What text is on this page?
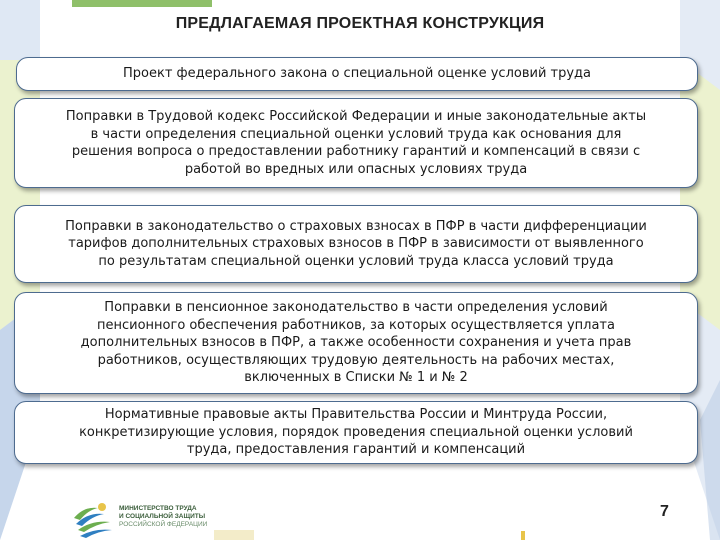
ПРЕДЛАГАЕМАЯ ПРОЕКТНАЯ КОНСТРУКЦИЯ
Проект федерального закона о специальной оценке условий труда
Поправки в Трудовой кодекс Российской Федерации и иные законодательные акты
в части определения специальной оценки условий труда как основания для
решения вопроса о предоставлении работнику гарантий и компенсаций в связи с
работой во вредных или опасных условиях труда
Поправки в законодательство о страховых взносах в ПФР в части дифференциации
тарифов дополнительных страховых взносов в ПФР в зависимости от выявленного
по результатам специальной оценки условий труда класса условий труда
Поправки в пенсионное законодательство в части определения условий
пенсионного обеспечения работников, за которых осуществляется уплата
дополнительных взносов в ПФР, а также особенности сохранения и учета прав
работников, осуществляющих трудовую деятельность на рабочих местах,
включенных в Списки № 1 и № 2
Нормативные правовые акты Правительства России и Минтруда России,
конкретизирующие условия, порядок проведения специальной оценки условий
труда, предоставления гарантий и компенсаций
МИНИСТЕРСТВО ТРУДА
И СОЦИАЛЬНОЙ ЗАЩИТЫ
РОССИЙСКОЙ ФЕДЕРАЦИИ
7
